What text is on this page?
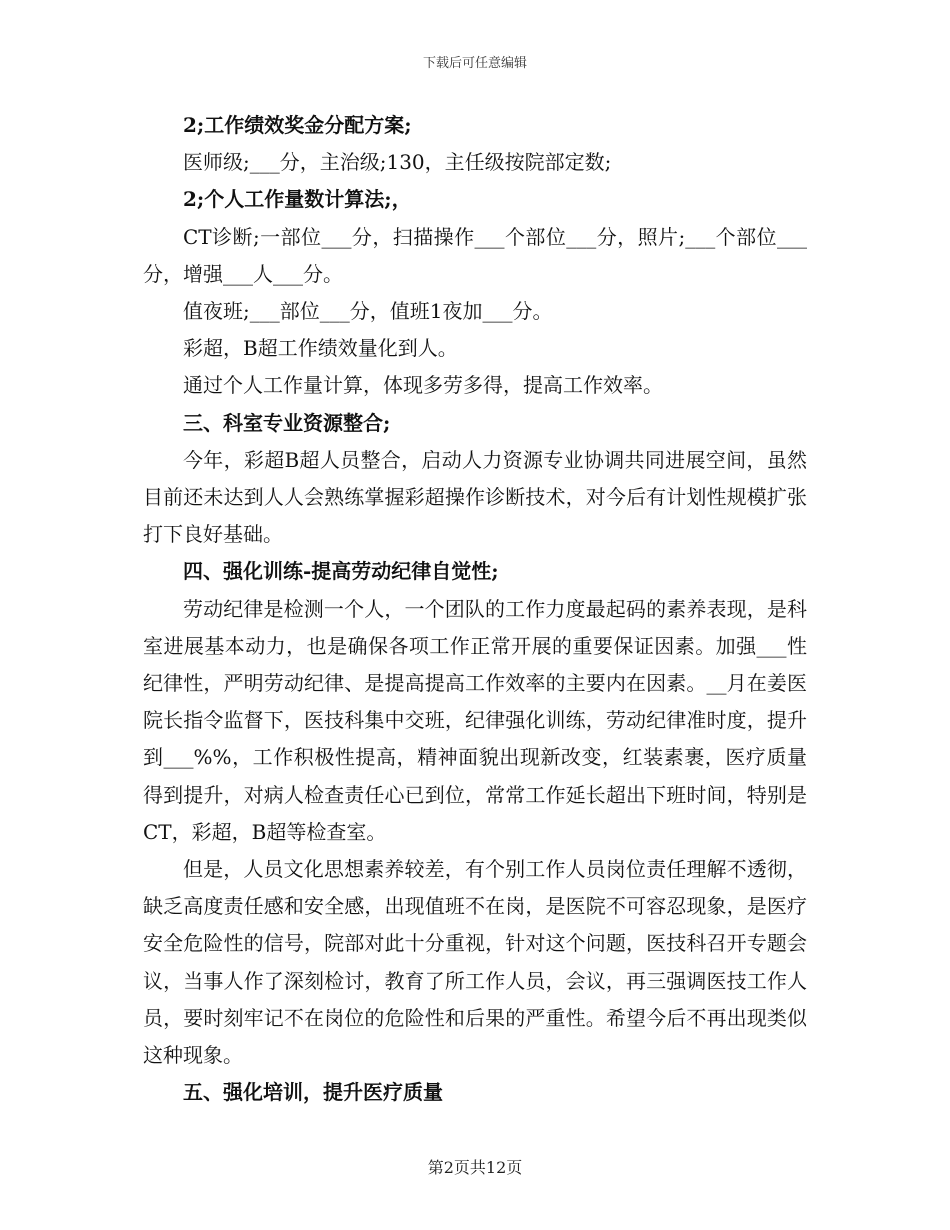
下载后可任意编辑

2;工作绩效奖金分配方案;

医师级;___分，主治级;130，主任级按院部定数;

2;个人工作量数计算法;，

CT诊断;一部位___分，扫描操作___个部位___分，照片;___个部位___分，增强___人___分。

值夜班;___部位___分，值班1夜加___分。

彩超，B超工作绩效量化到人。

通过个人工作量计算，体现多劳多得，提高工作效率。

三、科室专业资源整合;

今年，彩超B超人员整合，启动人力资源专业协调共同进展空间，虽然目前还未达到人人会熟练掌握彩超操作诊断技术，对今后有计划性规模扩张打下良好基础。

四、强化训练-提高劳动纪律自觉性;

劳动纪律是检测一个人，一个团队的工作力度最起码的素养表现，是科室进展基本动力，也是确保各项工作正常开展的重要保证因素。加强___性纪律性，严明劳动纪律、是提高提高工作效率的主要内在因素。__月在姜医院长指令监督下，医技科集中交班，纪律强化训练，劳动纪律准时度，提升到___%%，工作积极性提高，精神面貌出现新改变，红装素裹，医疗质量得到提升，对病人检查责任心已到位，常常工作延长超出下班时间，特别是CT，彩超，B超等检查室。

但是，人员文化思想素养较差，有个别工作人员岗位责任理解不透彻，缺乏高度责任感和安全感，出现值班不在岗，是医院不可容忍现象，是医疗安全危险性的信号，院部对此十分重视，针对这个问题，医技科召开专题会议，当事人作了深刻检讨，教育了所工作人员，会议，再三强调医技工作人员，要时刻牢记不在岗位的危险性和后果的严重性。希望今后不再出现类似这种现象。

五、强化培训，提升医疗质量

第2页共12页
